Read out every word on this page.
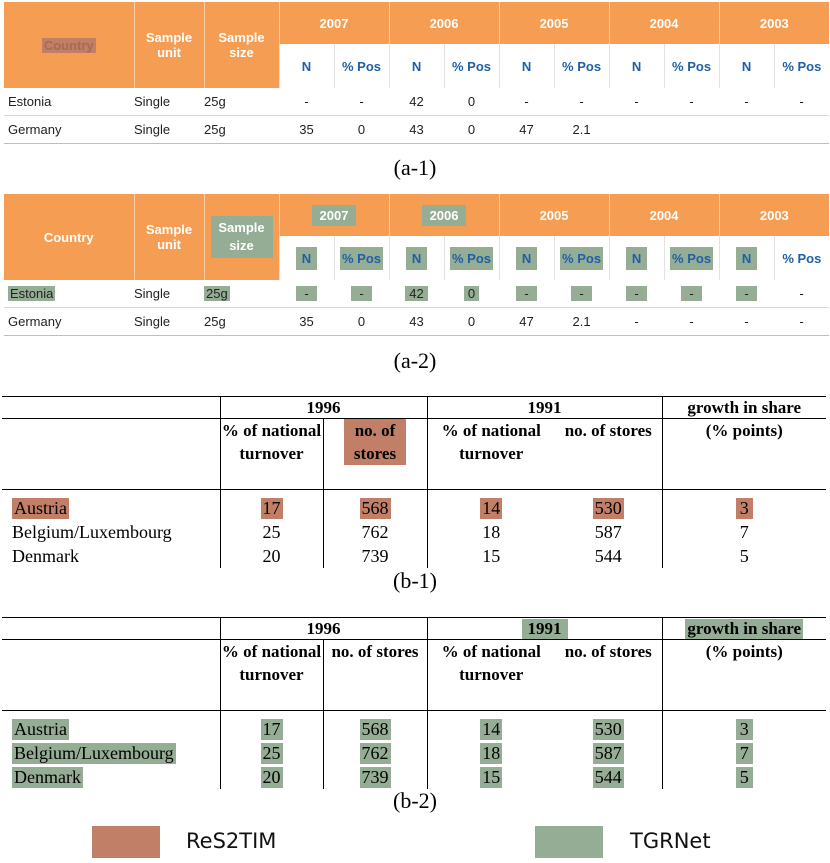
Country	Sample unit	Sample size	2007		2006		2005		2004		2003	
			N	% Pos	N	% Pos	N	% Pos	N	% Pos	N	% Pos
Estonia	Single	25g	-	-	42	0	-	-	-	-	-	-
Germany	Single	25g	35	0	43	0	47	2.1				
(a-1)
Country	Sample unit	Sample size	2007		2006		2005		2004		2003	
			N	% Pos	N	% Pos	N	% Pos	N	% Pos	N	% Pos
Estonia	Single	25g	-	-	42	0	-	-	-	-	-	-
Germany	Single	25g	35	0	43	0	47	2.1	-	-	-	-
(a-2)
	1996		1991		growth in share
	% of national turnover	no. of stores	% of national turnover	no. of stores	(% points)
Austria	17	568	14	530	3
Belgium/Luxembourg	25	762	18	587	7
Denmark	20	739	15	544	5
(b-1)
	1996		1991		growth in share
	% of national turnover	no. of stores	% of national turnover	no. of stores	(% points)
Austria	17	568	14	530	3
Belgium/Luxembourg	25	762	18	587	7
Denmark	20	739	15	544	5
(b-2)
ReS2TIM	TGRNet
